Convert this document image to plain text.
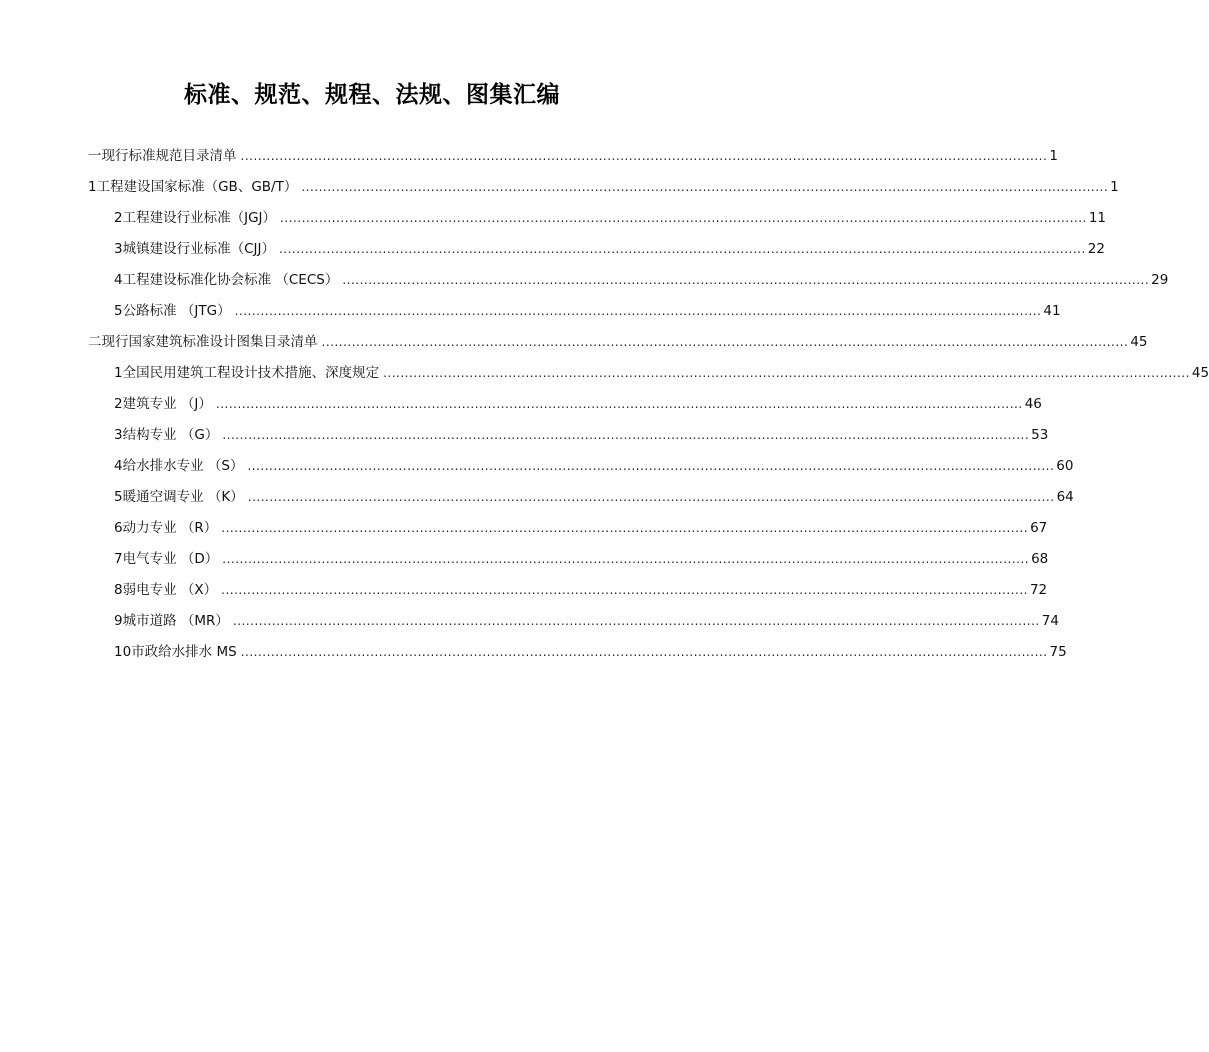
标准、规范、规程、法规、图集汇编
一 现行标准规范目录清单 ........................................................................................................................................................................................... 1
1 工程建设国家标准（GB、GB/T） ........................................................................................................................................................................................... 1
2 工程建设行业标准（JGJ） ........................................................................................................................................................................................... 11
3 城镇建设行业标准（CJJ） ........................................................................................................................................................................................... 22
4 工程建设标准化协会标准 （CECS） ........................................................................................................................................................................................... 29
5 公路标准 （JTG） ........................................................................................................................................................................................... 41
二 现行国家建筑标准设计图集目录清单 ........................................................................................................................................................................................... 45
1 全国民用建筑工程设计技术措施、深度规定 ........................................................................................................................................................................................... 45
2 建筑专业 （J） ........................................................................................................................................................................................... 46
3 结构专业 （G） ........................................................................................................................................................................................... 53
4 给水排水专业 （S） ........................................................................................................................................................................................... 60
5 暖通空调专业 （K） ........................................................................................................................................................................................... 64
6 动力专业 （R） ........................................................................................................................................................................................... 67
7 电气专业 （D） ........................................................................................................................................................................................... 68
8 弱电专业 （X） ........................................................................................................................................................................................... 72
9 城市道路 （MR） ........................................................................................................................................................................................... 74
10 市政给水排水 MS ........................................................................................................................................................................................... 75
